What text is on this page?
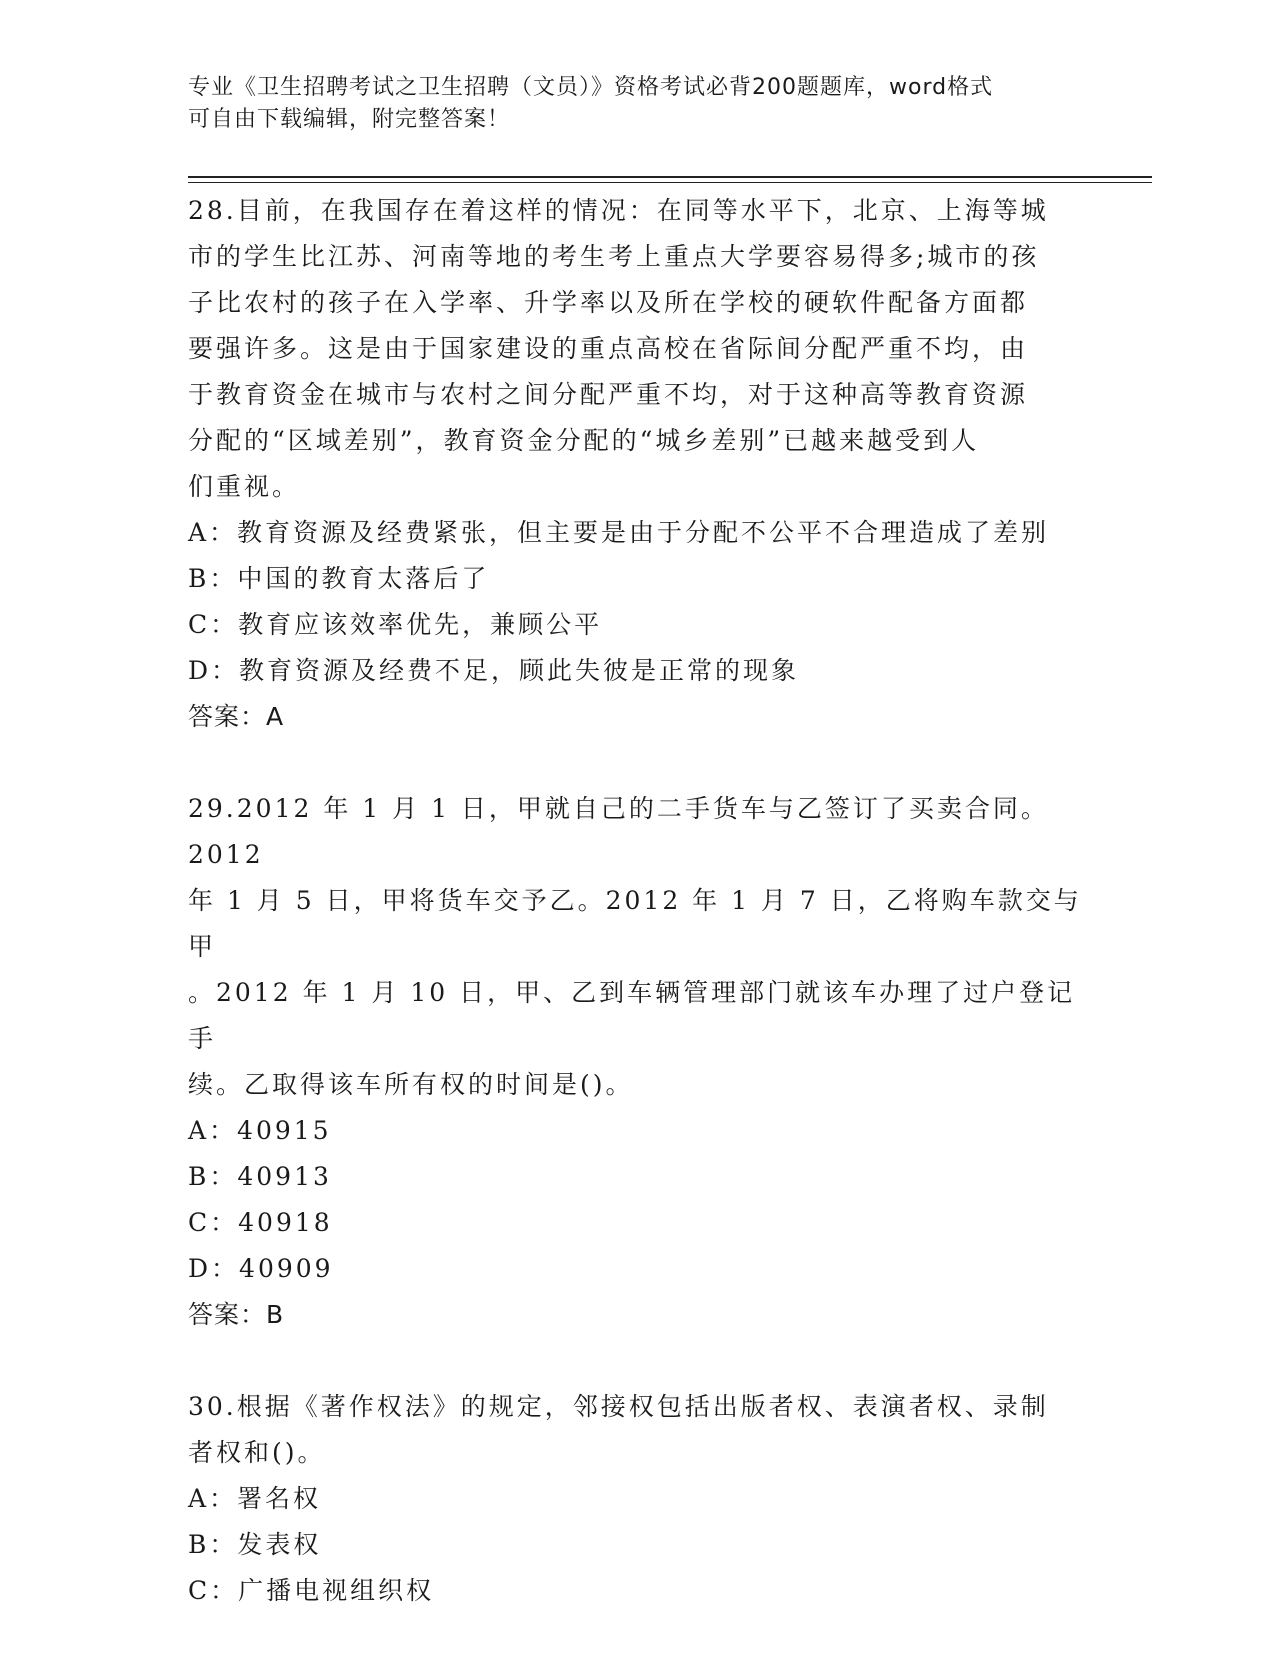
专业《卫生招聘考试之卫生招聘（文员）》资格考试必背200题题库，word格式
可自由下载编辑，附完整答案！

28.目前，在我国存在着这样的情况：在同等水平下，北京、上海等城

市的学生比江苏、河南等地的考生考上重点大学要容易得多;城市的孩

子比农村的孩子在入学率、升学率以及所在学校的硬软件配备方面都

要强许多。这是由于国家建设的重点高校在省际间分配严重不均，由

于教育资金在城市与农村之间分配严重不均，对于这种高等教育资源

分配的“区域差别”，教育资金分配的“城乡差别”已越来越受到人

们重视。

A：教育资源及经费紧张，但主要是由于分配不公平不合理造成了差别

B：中国的教育太落后了

C：教育应该效率优先，兼顾公平

D：教育资源及经费不足，顾此失彼是正常的现象

答案：A

29.2012 年 1 月 1 日，甲就自己的二手货车与乙签订了买卖合同。2012

年 1 月 5 日，甲将货车交予乙。2012 年 1 月 7 日，乙将购车款交与甲

。2012 年 1 月 10 日，甲、乙到车辆管理部门就该车办理了过户登记手

续。乙取得该车所有权的时间是()。

A：40915

B：40913

C：40918

D：40909

答案：B

30.根据《著作权法》的规定，邻接权包括出版者权、表演者权、录制

者权和()。

A：署名权

B：发表权

C：广播电视组织权
